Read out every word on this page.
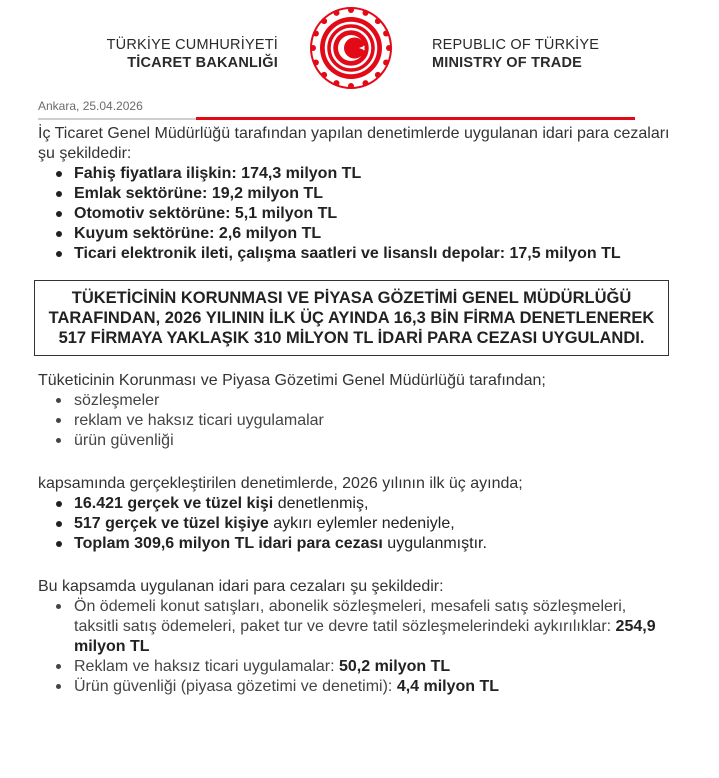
TÜRKİYE CUMHURİYETİ
TİCARET BAKANLIĞI
REPUBLIC OF TÜRKİYE
MINISTRY OF TRADE
Ankara, 25.04.2026

İç Ticaret Genel Müdürlüğü tarafından yapılan denetimlerde uygulanan idari para cezaları şu şekildedir:

Fahiş fiyatlara ilişkin: 174,3 milyon TL
Emlak sektörüne: 19,2 milyon TL
Otomotiv sektörüne: 5,1 milyon TL
Kuyum sektörüne: 2,6 milyon TL
Ticari elektronik ileti, çalışma saatleri ve lisanslı depolar: 17,5 milyon TL
TÜKETİCİNİN KORUNMASI VE PİYASA GÖZETİMİ GENEL MÜDÜRLÜĞÜ TARAFINDAN, 2026 YILININ İLK ÜÇ AYINDA 16,3 BİN FİRMA DENETLENEREK 517 FİRMAYA YAKLAŞIK 310 MİLYON TL İDARİ PARA CEZASI UYGULANDI.

Tüketicinin Korunması ve Piyasa Gözetimi Genel Müdürlüğü tarafından;

sözleşmeler
reklam ve haksız ticari uygulamalar
ürün güvenliği

kapsamında gerçekleştirilen denetimlerde, 2026 yılının ilk üç ayında;

16.421 gerçek ve tüzel kişi denetlenmiş,
517 gerçek ve tüzel kişiye aykırı eylemler nedeniyle,
Toplam 309,6 milyon TL idari para cezası uygulanmıştır.

Bu kapsamda uygulanan idari para cezaları şu şekildedir:

Ön ödemeli konut satışları, abonelik sözleşmeleri, mesafeli satış sözleşmeleri, taksitli satış ödemeleri, paket tur ve devre tatil sözleşmelerindeki aykırılıklar: 254,9 milyon TL
Reklam ve haksız ticari uygulamalar: 50,2 milyon TL
Ürün güvenliği (piyasa gözetimi ve denetimi): 4,4 milyon TL
